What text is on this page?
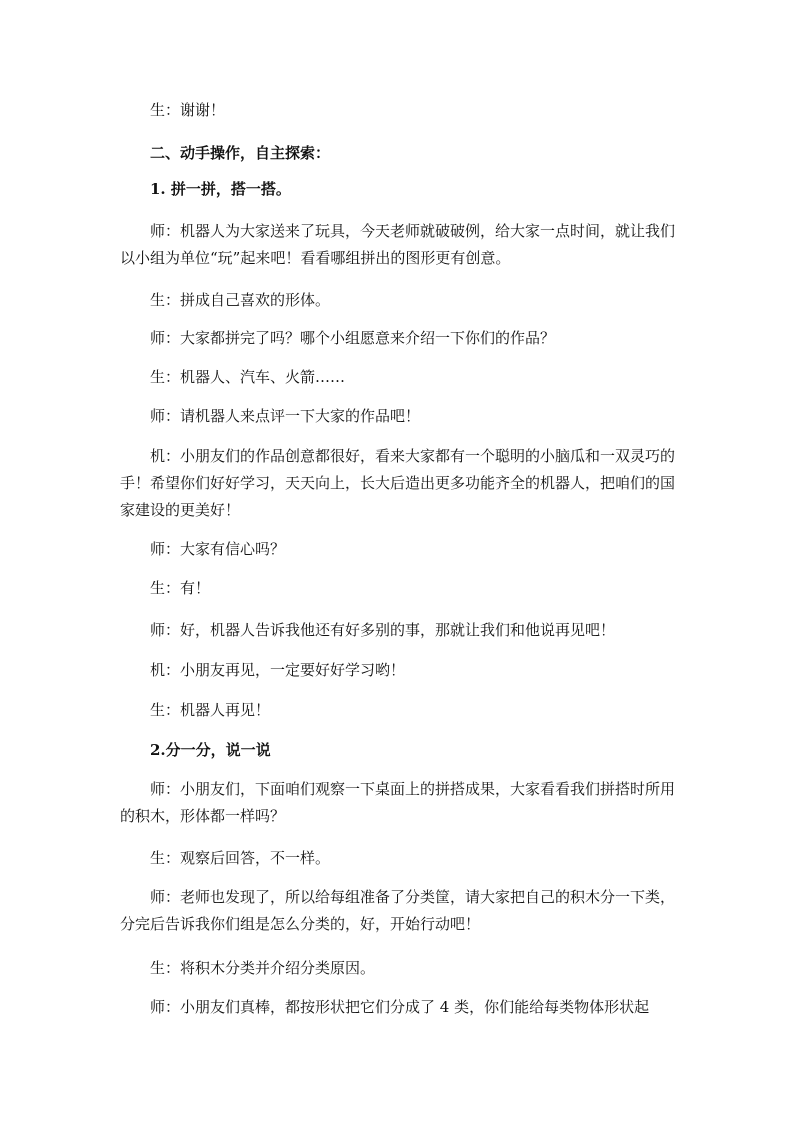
生：谢谢！

二、动手操作，自主探索：

1. 拼一拼，搭一搭。

师：机器人为大家送来了玩具，今天老师就破破例，给大家一点时间，就让我们以小组为单位“玩”起来吧！看看哪组拼出的图形更有创意。

生：拼成自己喜欢的形体。

师：大家都拼完了吗？哪个小组愿意来介绍一下你们的作品？

生：机器人、汽车、火箭……

师：请机器人来点评一下大家的作品吧！

机：小朋友们的作品创意都很好，看来大家都有一个聪明的小脑瓜和一双灵巧的手！希望你们好好学习，天天向上，长大后造出更多功能齐全的机器人，把咱们的国家建设的更美好！

师：大家有信心吗？

生：有！

师：好，机器人告诉我他还有好多别的事，那就让我们和他说再见吧！

机：小朋友再见，一定要好好学习哟！

生：机器人再见！

2.分一分，说一说

师：小朋友们，下面咱们观察一下桌面上的拼搭成果，大家看看我们拼搭时所用的积木，形体都一样吗？

生：观察后回答，不一样。

师：老师也发现了，所以给每组准备了分类筐，请大家把自己的积木分一下类，分完后告诉我你们组是怎么分类的，好，开始行动吧！

生：将积木分类并介绍分类原因。

师：小朋友们真棒，都按形状把它们分成了 4 类，你们能给每类物体形状起
